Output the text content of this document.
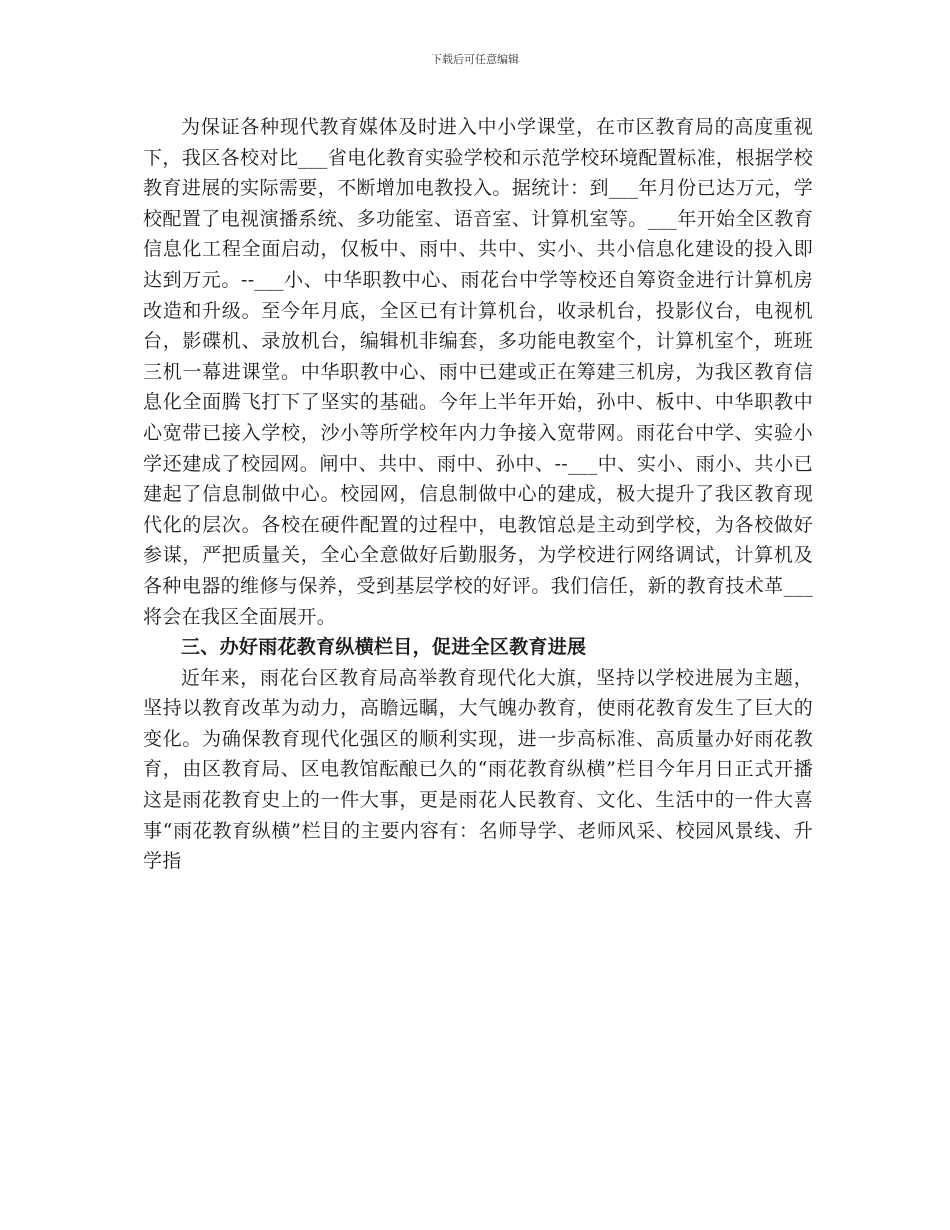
下载后可任意编辑

为保证各种现代教育媒体及时进入中小学课堂，在市区教育局的高度重视下，我区各校对比___省电化教育实验学校和示范学校环境配置标准，根据学校教育进展的实际需要，不断增加电教投入。据统计：到___年月份已达万元，学校配置了电视演播系统、多功能室、语音室、计算机室等。___年开始全区教育信息化工程全面启动，仅板中、雨中、共中、实小、共小信息化建设的投入即达到万元。--___小、中华职教中心、雨花台中学等校还自筹资金进行计算机房改造和升级。至今年月底，全区已有计算机台，收录机台，投影仪台，电视机台，影碟机、录放机台，编辑机非编套，多功能电教室个，计算机室个，班班三机一幕进课堂。中华职教中心、雨中已建或正在筹建三机房，为我区教育信息化全面腾飞打下了坚实的基础。今年上半年开始，孙中、板中、中华职教中心宽带已接入学校，沙小等所学校年内力争接入宽带网。雨花台中学、实验小学还建成了校园网。闸中、共中、雨中、孙中、--___中、实小、雨小、共小已建起了信息制做中心。校园网，信息制做中心的建成，极大提升了我区教育现代化的层次。各校在硬件配置的过程中，电教馆总是主动到学校，为各校做好参谋，严把质量关，全心全意做好后勤服务，为学校进行网络调试，计算机及各种电器的维修与保养，受到基层学校的好评。我们信任，新的教育技术革___将会在我区全面展开。

三、办好雨花教育纵横栏目，促进全区教育进展

近年来，雨花台区教育局高举教育现代化大旗，坚持以学校进展为主题，坚持以教育改革为动力，高瞻远瞩，大气魄办教育，使雨花教育发生了巨大的变化。为确保教育现代化强区的顺利实现，进一步高标准、高质量办好雨花教育，由区教育局、区电教馆酝酿已久的“雨花教育纵横”栏目今年月日正式开播这是雨花教育史上的一件大事，更是雨花人民教育、文化、生活中的一件大喜事“雨花教育纵横”栏目的主要内容有：名师导学、老师风采、校园风景线、升学指
